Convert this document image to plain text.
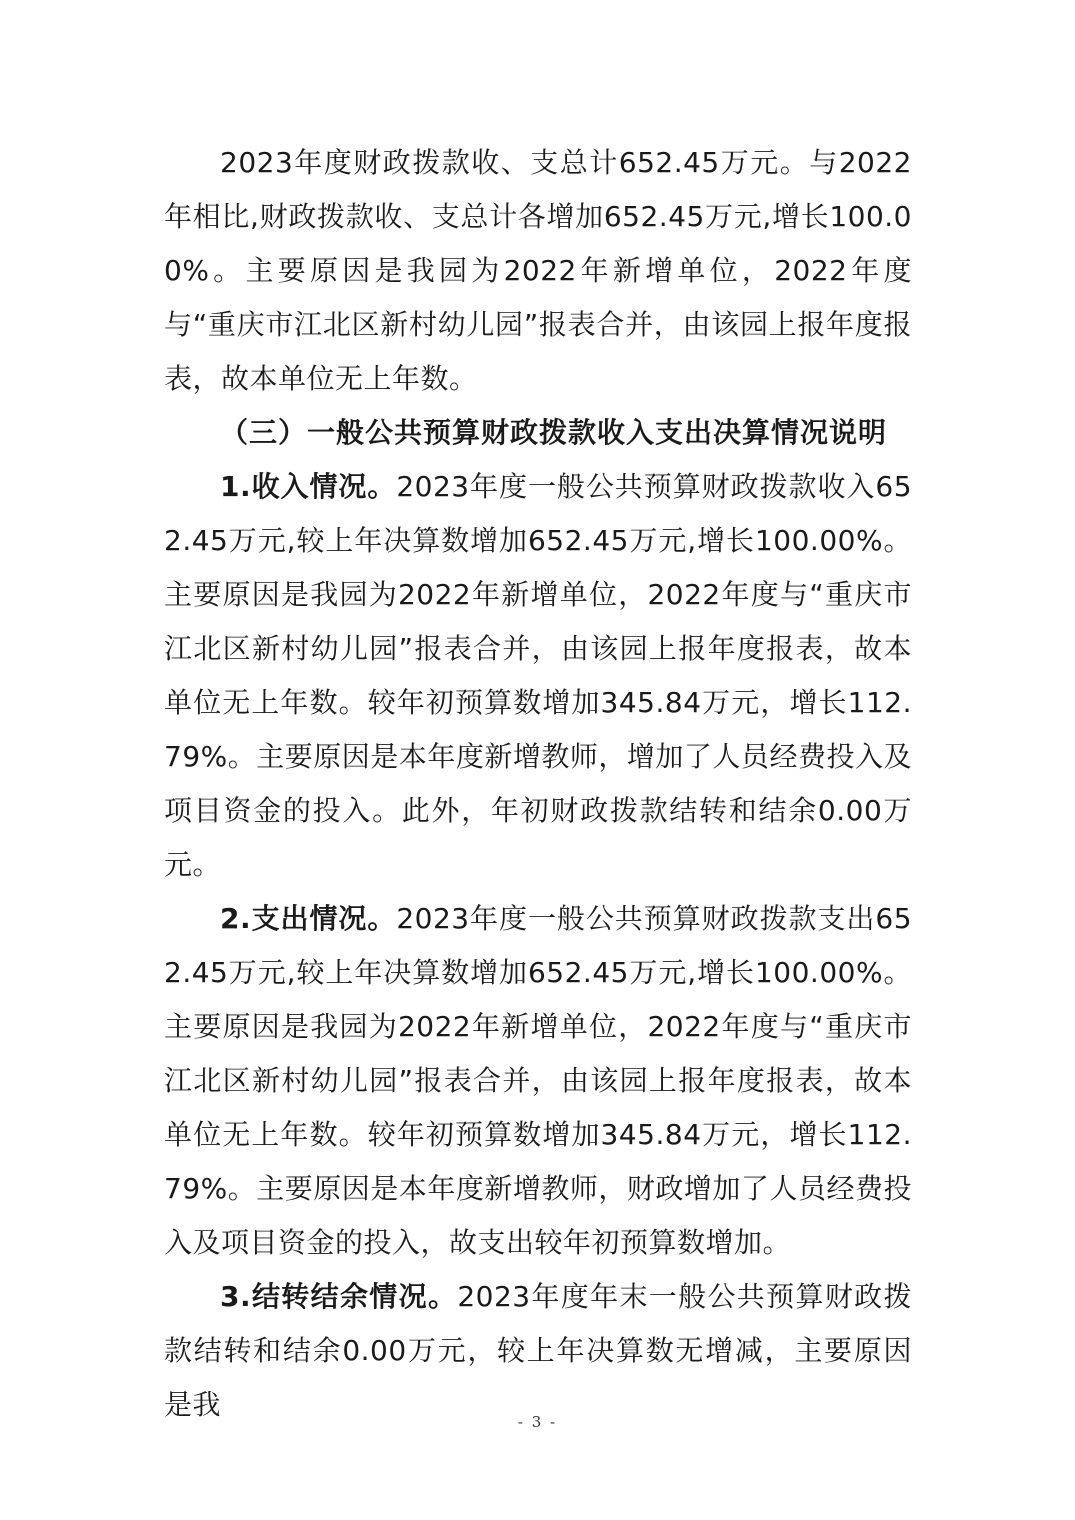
2023年度财政拨款收、支总计652.45万元。与2022年相比,财政拨款收、支总计各增加652.45万元,增长100.00%。主要原因是我园为2022年新增单位，2022年度与“重庆市江北区新村幼儿园”报表合并，由该园上报年度报表，故本单位无上年数。

（三）一般公共预算财政拨款收入支出决算情况说明

1.收入情况。2023年度一般公共预算财政拨款收入652.45万元,较上年决算数增加652.45万元,增长100.00%。主要原因是我园为2022年新增单位，2022年度与“重庆市江北区新村幼儿园”报表合并，由该园上报年度报表，故本单位无上年数。较年初预算数增加345.84万元，增长112.79%。主要原因是本年度新增教师，增加了人员经费投入及项目资金的投入。此外，年初财政拨款结转和结余0.00万元。

2.支出情况。2023年度一般公共预算财政拨款支出652.45万元,较上年决算数增加652.45万元,增长100.00%。主要原因是我园为2022年新增单位，2022年度与“重庆市江北区新村幼儿园”报表合并，由该园上报年度报表，故本单位无上年数。较年初预算数增加345.84万元，增长112.79%。主要原因是本年度新增教师，财政增加了人员经费投入及项目资金的投入，故支出较年初预算数增加。

3.结转结余情况。2023年度年末一般公共预算财政拨款结转和结余0.00万元，较上年决算数无增减，主要原因是我

- 3 -
